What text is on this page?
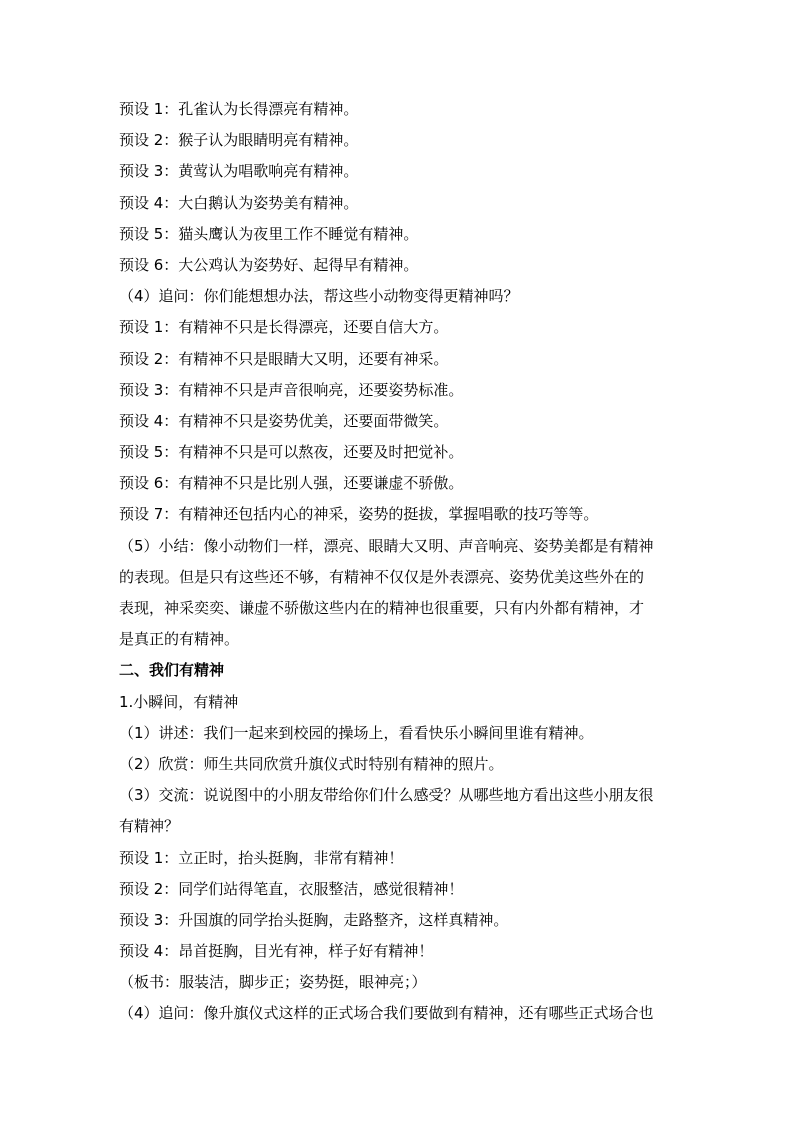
预设 1：孔雀认为长得漂亮有精神。
预设 2：猴子认为眼睛明亮有精神。
预设 3：黄莺认为唱歌响亮有精神。
预设 4：大白鹅认为姿势美有精神。
预设 5：猫头鹰认为夜里工作不睡觉有精神。
预设 6：大公鸡认为姿势好、起得早有精神。
（4）追问：你们能想想办法，帮这些小动物变得更精神吗？
预设 1：有精神不只是长得漂亮，还要自信大方。
预设 2：有精神不只是眼睛大又明，还要有神采。
预设 3：有精神不只是声音很响亮，还要姿势标准。
预设 4：有精神不只是姿势优美，还要面带微笑。
预设 5：有精神不只是可以熬夜，还要及时把觉补。
预设 6：有精神不只是比别人强，还要谦虚不骄傲。
预设 7：有精神还包括内心的神采，姿势的挺拔，掌握唱歌的技巧等等。
（5）小结：像小动物们一样，漂亮、眼睛大又明、声音响亮、姿势美都是有精神
的表现。但是只有这些还不够，有精神不仅仅是外表漂亮、姿势优美这些外在的
表现，神采奕奕、谦虚不骄傲这些内在的精神也很重要，只有内外都有精神，才
是真正的有精神。
二、我们有精神
1.小瞬间，有精神
（1）讲述：我们一起来到校园的操场上，看看快乐小瞬间里谁有精神。
（2）欣赏：师生共同欣赏升旗仪式时特别有精神的照片。
（3）交流：说说图中的小朋友带给你们什么感受？从哪些地方看出这些小朋友很
有精神？
预设 1：立正时，抬头挺胸，非常有精神！
预设 2：同学们站得笔直，衣服整洁，感觉很精神！
预设 3：升国旗的同学抬头挺胸，走路整齐，这样真精神。
预设 4：昂首挺胸，目光有神，样子好有精神！
（板书：服装洁，脚步正；姿势挺，眼神亮；）
（4）追问：像升旗仪式这样的正式场合我们要做到有精神，还有哪些正式场合也
